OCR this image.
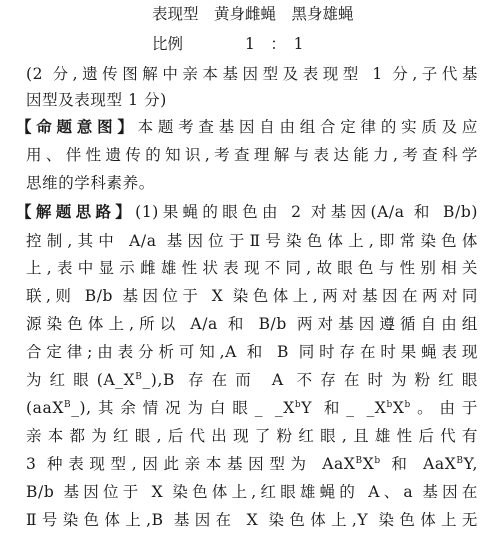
表现型　黄身雌蝇　黑身雄蝇
比例　　　　1　：　1
(2 分,遗传图解中亲本基因型及表现型 1 分,子代基
因型及表现型 1 分)
【命题意图】本题考查基因自由组合定律的实质及应
用、伴性遗传的知识,考查理解与表达能力,考查科学
思维的学科素养。
【解题思路】(1)果蝇的眼色由 2 对基因(A/a 和 B/b)
控制,其中 A/a 基因位于Ⅱ号染色体上,即常染色体
上,表中显示雌雄性状表现不同,故眼色与性别相关
联,则 B/b 基因位于 X 染色体上,两对基因在两对同
源染色体上,所以 A/a 和 B/b 两对基因遵循自由组
合定律;由表分析可知,A 和 B 同时存在时果蝇表现
为红眼$(A\_X^B\_),B$ 存在而 A 不存在时为粉红眼
(aaX$^B$_),其余情况为白眼_ $\_X^bY$ 和_ $\_X^bX^b$。由于
亲本都为红眼,后代出现了粉红眼,且雄性后代有
3 种表现型,因此亲本基因型为 $AaX^BX^b$ 和 AaX$^B$Y,
B/b 基因位于 X 染色体上,红眼雄蝇的 A、a 基因在
Ⅱ号染色体上,B 基因在 X 染色体上,Y 染色体上无
